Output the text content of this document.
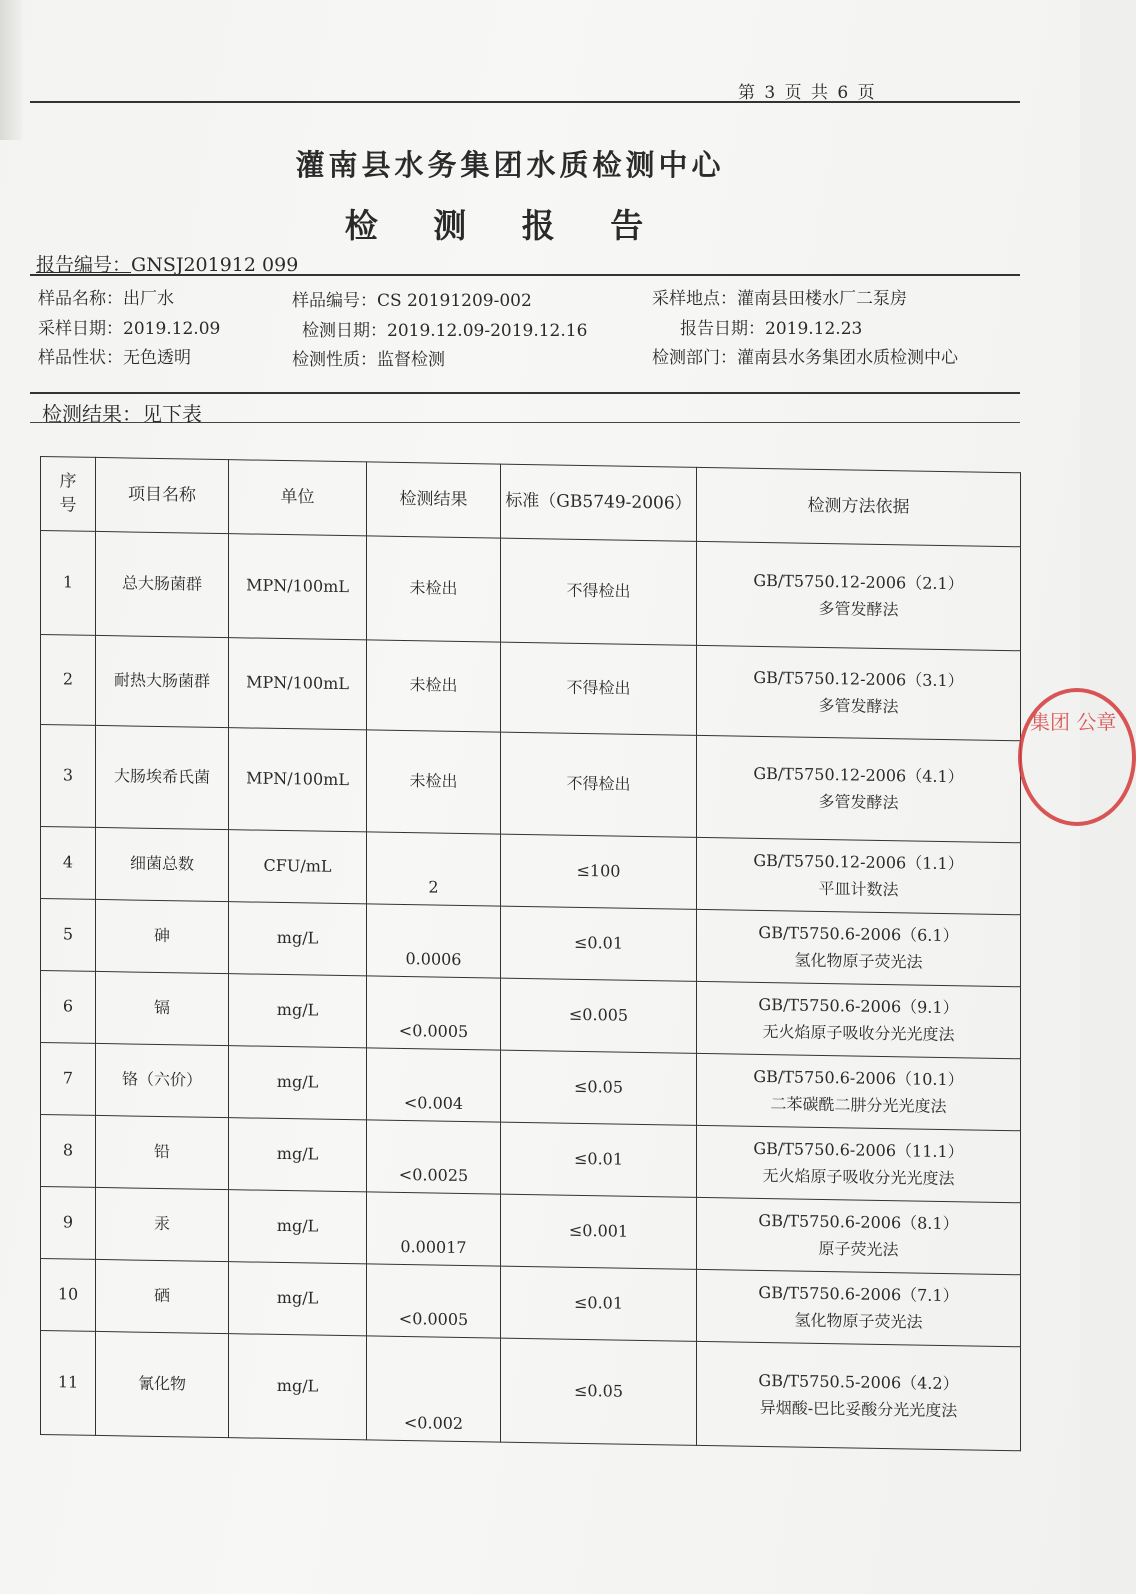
第 3 页 共 6 页
灌南县水务集团水质检测中心
检 测 报 告
报告编号：GNSJ201912 099
样品名称：出厂水	样品编号：CS 20191209-002	采样地点：灌南县田楼水厂二泵房
采样日期：2019.12.09	检测日期：2019.12.09-2019.12.16	报告日期：2019.12.23
样品性状：无色透明	检测性质：监督检测	检测部门：灌南县水务集团水质检测中心
检测结果：见下表
序号	项目名称	单位	检测结果	标准（GB5749-2006）	检测方法依据
1	总大肠菌群	MPN/100mL	未检出	不得检出	GB/T5750.12-2006（2.1）
多管发酵法

2	耐热大肠菌群	MPN/100mL	未检出	不得检出	GB/T5750.12-2006（3.1）
多管发酵法

3	大肠埃希氏菌	MPN/100mL	未检出	不得检出	GB/T5750.12-2006（4.1）
多管发酵法

4	细菌总数	CFU/mL	2	≤100	GB/T5750.12-2006（1.1）
平皿计数法

5	砷	mg/L	0.0006	≤0.01	GB/T5750.6-2006（6.1）
氢化物原子荧光法

6	镉	mg/L	<0.0005	≤0.005	GB/T5750.6-2006（9.1）
无火焰原子吸收分光光度法

7	铬（六价）	mg/L	<0.004	≤0.05	GB/T5750.6-2006（10.1）
二苯碳酰二肼分光光度法

8	铅	mg/L	<0.0025	≤0.01	GB/T5750.6-2006（11.1）
无火焰原子吸收分光光度法

9	汞	mg/L	0.00017	≤0.001	GB/T5750.6-2006（8.1）
原子荧光法

10	硒	mg/L	<0.0005	≤0.01	GB/T5750.6-2006（7.1）
氢化物原子荧光法

11	氰化物	mg/L	<0.002	≤0.05	GB/T5750.5-2006（4.2）
异烟酸-巴比妥酸分光光度法
集团 公章
